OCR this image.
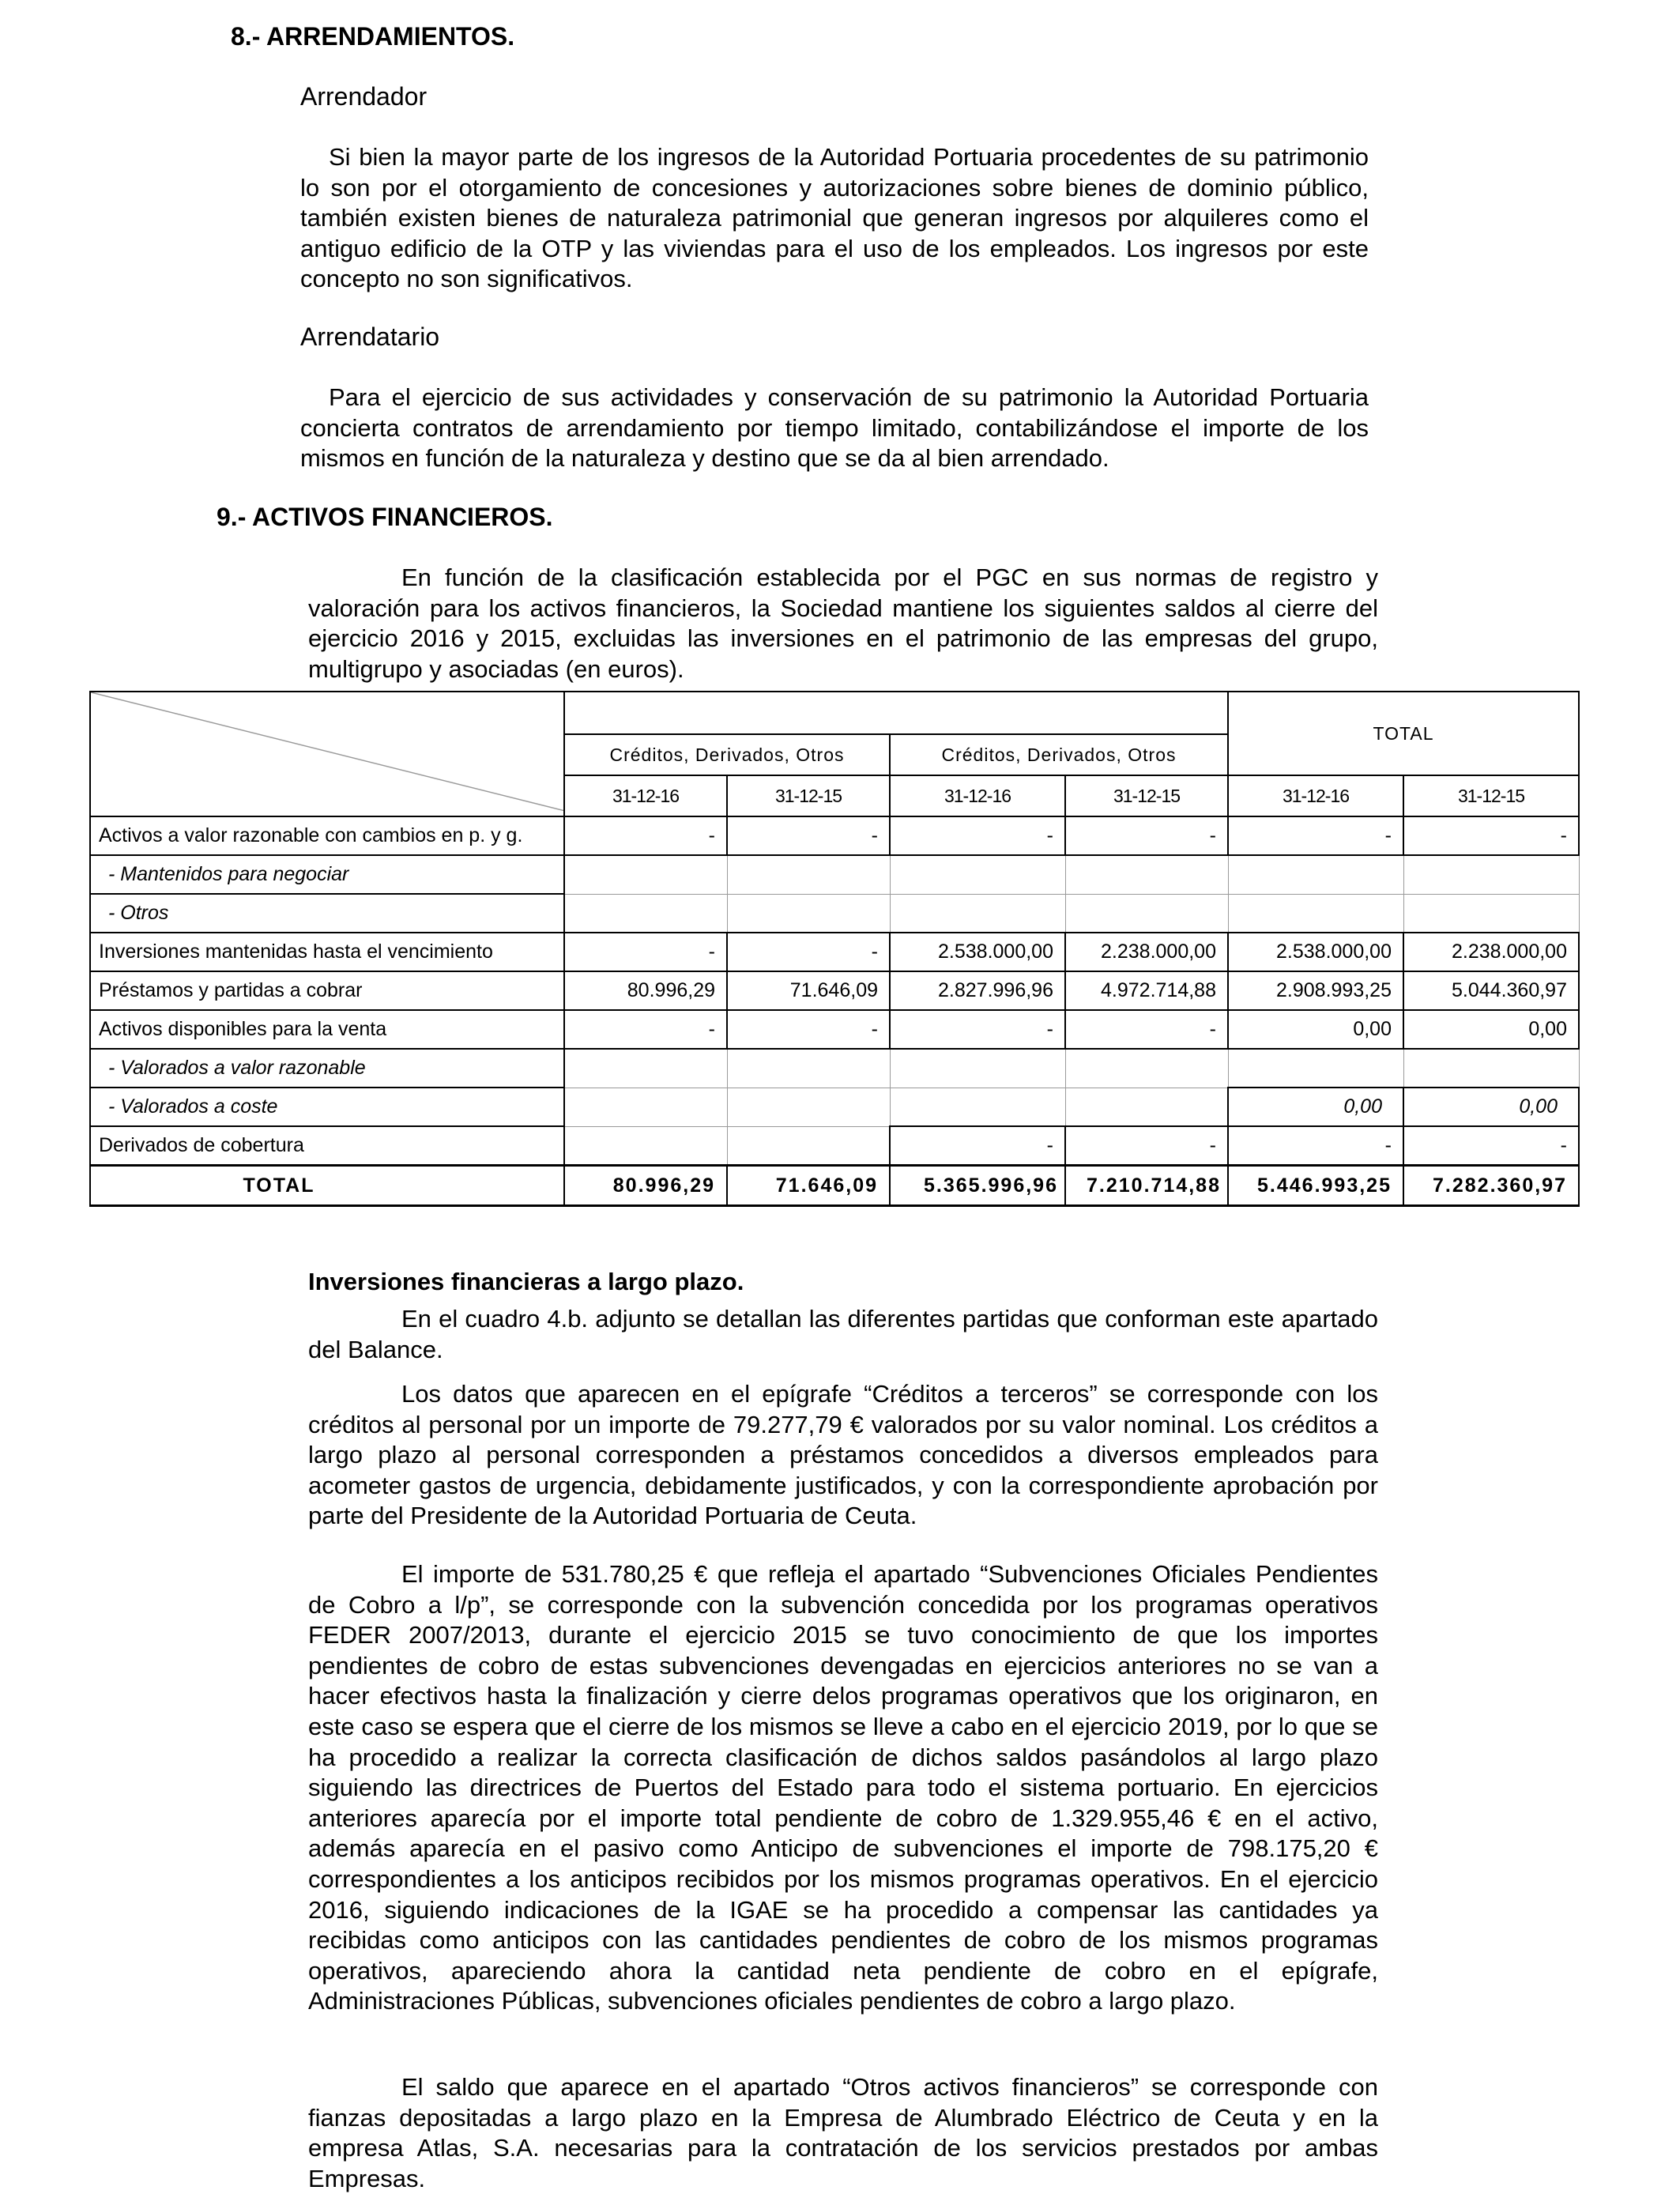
8.- ARRENDAMIENTOS.
Arrendador

Si bien la mayor parte de los ingresos de la Autoridad Portuaria procedentes de su patrimonio lo son por el otorgamiento de concesiones y autorizaciones sobre bienes de dominio público, también existen bienes de naturaleza patrimonial que generan ingresos por alquileres como el antiguo edificio de la OTP y las viviendas para el uso de los empleados. Los ingresos por este concepto no son significativos.

Arrendatario

Para el ejercicio de sus actividades y conservación de su patrimonio la Autoridad Portuaria concierta contratos de arrendamiento por tiempo limitado, contabilizándose el importe de los mismos en función de la naturaleza y destino que se da al bien arrendado.

9.- ACTIVOS FINANCIEROS.

En función de la clasificación establecida por el PGC en sus normas de registro y valoración para los activos financieros, la Sociedad mantiene los siguientes saldos al cierre del ejercicio 2016 y 2015, excluidas las inversiones en el patrimonio de las empresas del grupo, multigrupo y asociadas (en euros).

		TOTAL	
	Créditos, Derivados, Otros		Créditos, Derivados, Otros			
	31-12-16	31-12-15	31-12-16	31-12-15	31-12-16	31-12-15
Activos a valor razonable con cambios en p. y g.	-	-	-	-	-	-
- Mantenidos para negociar						
- Otros						
Inversiones mantenidas hasta el vencimiento	-	-	2.538.000,00	2.238.000,00	2.538.000,00	2.238.000,00
Préstamos y partidas a cobrar	80.996,29	71.646,09	2.827.996,96	4.972.714,88	2.908.993,25	5.044.360,97
Activos disponibles para la venta	-	-	-	-	0,00	0,00
- Valorados a valor razonable						
- Valorados a coste					0,00	0,00
Derivados de cobertura			-	-	-	-
TOTAL	80.996,29	71.646,09	5.365.996,96	7.210.714,88	5.446.993,25	7.282.360,97
Inversiones financieras a largo plazo.

En el cuadro 4.b. adjunto se detallan las diferentes partidas que conforman este apartado del Balance.

Los datos que aparecen en el epígrafe “Créditos a terceros” se corresponde con los créditos al personal por un importe de 79.277,79 € valorados por su valor nominal. Los créditos a largo plazo al personal corresponden a préstamos concedidos a diversos empleados para acometer gastos de urgencia, debidamente justificados, y con la correspondiente aprobación por parte del Presidente de la Autoridad Portuaria de Ceuta.

El importe de 531.780,25 € que refleja el apartado “Subvenciones Oficiales Pendientes de Cobro a l/p”, se corresponde con la subvención concedida por los programas operativos FEDER 2007/2013, durante el ejercicio 2015 se tuvo conocimiento de que los importes pendientes de cobro de estas subvenciones devengadas en ejercicios anteriores no se van a hacer efectivos hasta la finalización y cierre delos programas operativos que los originaron, en este caso se espera que el cierre de los mismos se lleve a cabo en el ejercicio 2019, por lo que se ha procedido a realizar la correcta clasificación de dichos saldos pasándolos al largo plazo siguiendo las directrices de Puertos del Estado para todo el sistema portuario. En ejercicios anteriores aparecía por el importe total pendiente de cobro de 1.329.955,46 € en el activo, además aparecía en el pasivo como Anticipo de subvenciones el importe de 798.175,20 € correspondientes a los anticipos recibidos por los mismos programas operativos. En el ejercicio 2016, siguiendo indicaciones de la IGAE se ha procedido a compensar las cantidades ya recibidas como anticipos con las cantidades pendientes de cobro de los mismos programas operativos, apareciendo ahora la cantidad neta pendiente de cobro en el epígrafe, Administraciones Públicas, subvenciones oficiales pendientes de cobro a largo plazo.

El saldo que aparece en el apartado “Otros activos financieros” se corresponde con fianzas depositadas a largo plazo en la Empresa de Alumbrado Eléctrico de Ceuta y en la empresa Atlas, S.A. necesarias para la contratación de los servicios prestados por ambas Empresas.
